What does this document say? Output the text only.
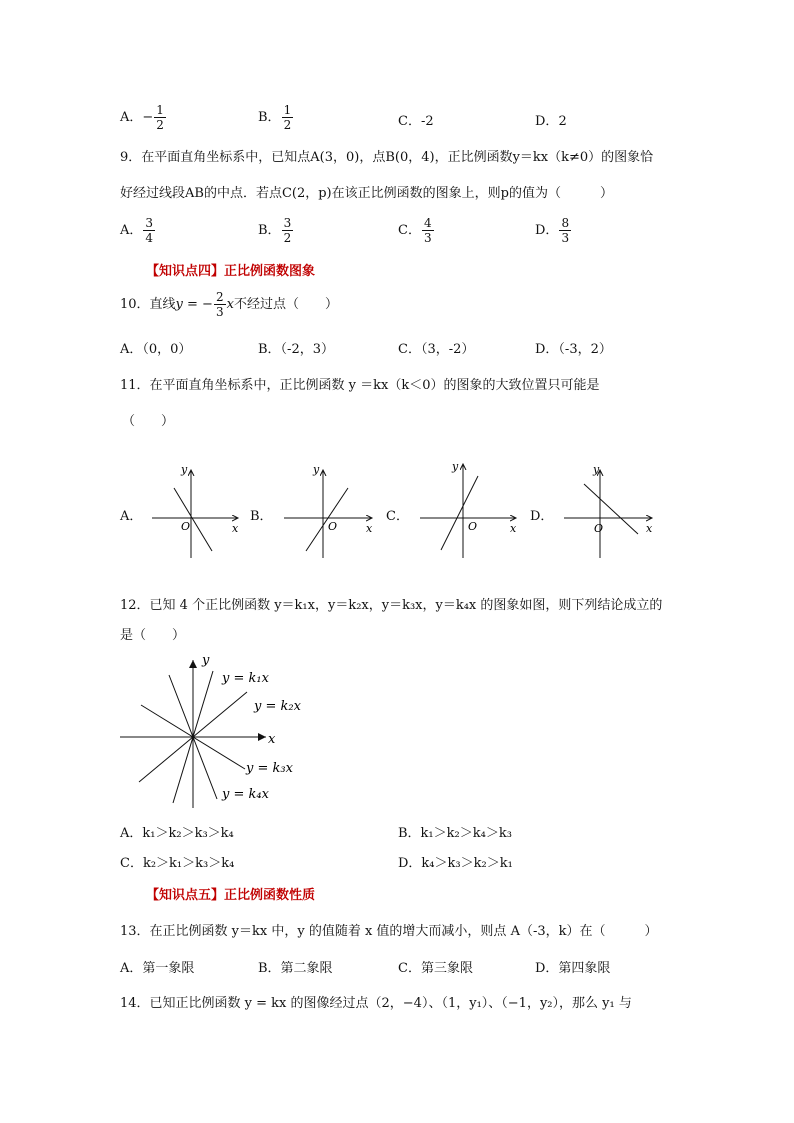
A．− $\frac{1}{2}$	B． $\frac{1}{2}$	C．-2	D．2
9．在平面直角坐标系中，已知点A(3，0)，点B(0，4)，正比例函数y＝kx（k≠0）的图象恰
好经过线段AB的中点．若点C(2，p)在该正比例函数的图象上，则p的值为（　　　）
A． $\frac{3}{4}$	B． $\frac{3}{2}$	C． $\frac{4}{3}$	D． $\frac{8}{3}$
【知识点四】正比例函数图象
10．直线y = − $\frac{2}{3}$ x不经过点（　　）
A．（0，0）	B．（-2，3）	C．（3，-2）	D．（-3，2）
11．在平面直角坐标系中，正比例函数 y ＝kx（k＜0）的图象的大致位置只可能是
（　　）
A．	B．	C．	D．
y
x
O
y
x
O
y
x
O
y
x
O
12．已知 4 个正比例函数 y＝k₁x，y＝k₂x，y＝k₃x，y＝k₄x 的图象如图，则下列结论成立的
是（　　）
y
x
y = k₁x
y = k₂x
y = k₃x
y = k₄x
A．k₁＞k₂＞k₃＞k₄	B．k₁＞k₂＞k₄＞k₃
C．k₂＞k₁＞k₃＞k₄	D．k₄＞k₃＞k₂＞k₁
【知识点五】正比例函数性质
13．在正比例函数 y＝kx 中，y 的值随着 x 值的增大而减小，则点 A（-3，k）在（　　　）
A．第一象限	B．第二象限	C．第三象限	D．第四象限
14．已知正比例函数 y = kx 的图像经过点（2，−4）、（1，y₁）、（−1，y₂），那么 y₁ 与
